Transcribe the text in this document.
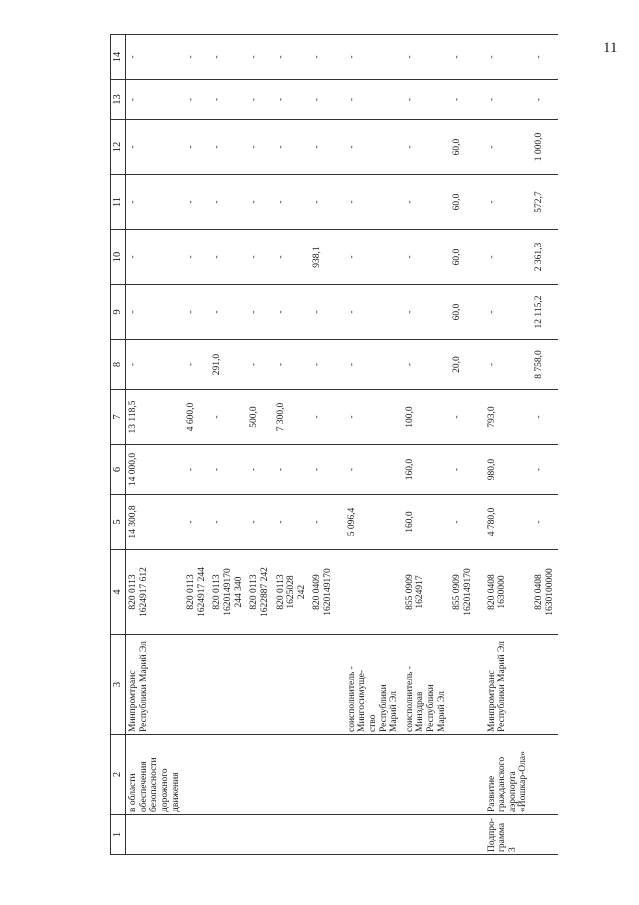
11
1	2	3	4	5	6	7	8	9	10	11	12	13	14
	в области обеспечения безопасности дорожного движения	Минпромтранс Республики Марий Эл	820 0113
1624917 612	14 300,8	14 000,0	13 118,5	-	-	-	-	-	-	-
			820 0113
1624917 244	-	-	4 600,0	-	-	-	-	-	-	-
			820 0113
1620149170
244 340	-	-	-	291,0	-	-	-	-	-	-
			820 0113
1622887 242	-	-	500,0	-	-	-	-	-	-	-
			820 0113
1625028
242	-	-	7 300,0	-	-	-	-	-	-	-
			820 0409
1620149170	-	-	-	-	-	938,1	-	-	-	-
		соисполнитель -
Мингосимуще-
ство
Республики
Марий Эл		5 096,4	-	-	-	-	-	-	-	-	-
		соисполнитель -
Минздрав
Республики
Марий Эл	855 0909
1624917	160,0	160,0	100,0	-	-	-	-	-	-	-
			855 0909
1620149170	-	-	-	20,0	60,0	60,0	60,0	60,0	-	-
Подпро-
грамма 3	Развитие гражданского аэропорта «Йошкар-Ола»	Минпромтранс Республики Марий Эл	820 0408
1630000	4 780,0	980,0	793,0	-	-	-	-	-	-	-
			820 0408
1630100000	-	-	-	8 758,0	12 115,2	2 361,3	572,7	1 000,0	-	-
